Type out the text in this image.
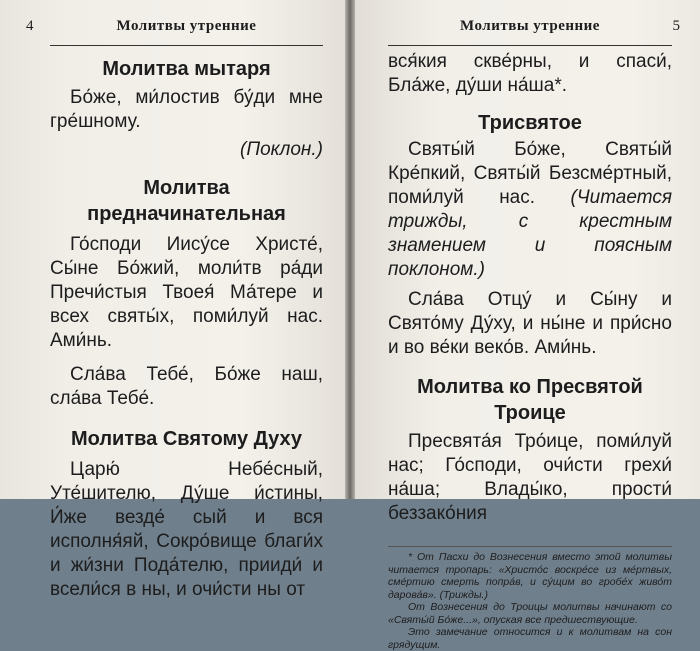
4	Молитвы утренние
Молитва мытаря

Бо́же, ми́лостив бу́ди мне гре́шному.

(Поклон.)

Молитва предначинательная

Го́споди Иису́се Христе́, Сы́не Бо́жий, моли́тв ра́ди Пречи́стыя Твоея́ Ма́тере и всех святы́х, поми́луй нас. Ами́нь.

Сла́ва Тебе́, Бо́же наш, сла́ва Тебе́.

Молитва Святому Духу

Царю́ Небе́сный, Уте́шителю, Ду́ше и́стины, И́же везде́ сый и вся исполня́яй, Сокро́вище благи́х и жи́зни Пода́телю, прииди́ и всели́ся в ны, и очи́сти ны от

Молитвы утренние	5

вся́кия скве́рны, и спаси́, Бла́же, ду́ши на́ша*.

Трисвятое

Святы́й Бо́же, Святы́й Кре́пкий, Святы́й Безсме́ртный, поми́луй нас. (Читается трижды, с крестным знамением и поясным поклоном.)

Сла́ва Отцу́ и Сы́ну и Свято́му Ду́ху, и ны́не и при́сно и во ве́ки веко́в. Ами́нь.

Молитва ко Пресвятой Троице

Пресвята́я Тро́ице, поми́луй нас; Го́споди, очи́сти грехи́ на́ша; Влады́ко, прости́ беззако́ния

* От Пасхи до Вознесения вместо этой молитвы читается тропарь: «Христо́с воскре́се из ме́ртвых, сме́ртию смерть попра́в, и су́щим во гробе́х живо́т дарова́в». (Трижды.)

От Вознесения до Троицы молитвы начинают со «Святы́й Бо́же...», опуская все предшествующие.

Это замечание относится и к молитвам на сон грядущим.
